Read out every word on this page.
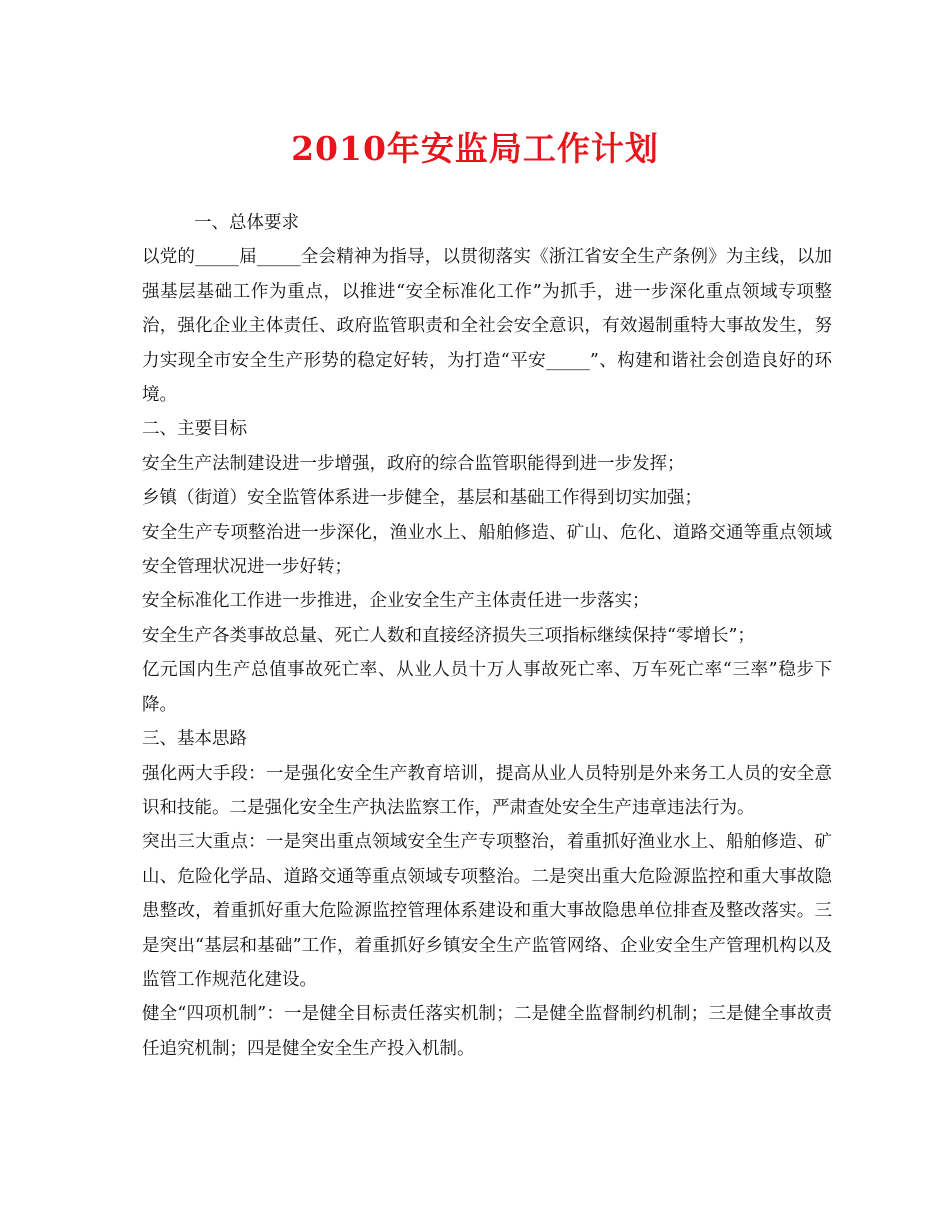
2010年安监局工作计划

一、总体要求

以党的_____届_____全会精神为指导，以贯彻落实《浙江省安全生产条例》为主线，以加强基层基础工作为重点，以推进“安全标准化工作”为抓手，进一步深化重点领域专项整治，强化企业主体责任、政府监管职责和全社会安全意识，有效遏制重特大事故发生，努力实现全市安全生产形势的稳定好转，为打造“平安_____”、构建和谐社会创造良好的环境。

二、主要目标

安全生产法制建设进一步增强，政府的综合监管职能得到进一步发挥；

乡镇（街道）安全监管体系进一步健全，基层和基础工作得到切实加强；

安全生产专项整治进一步深化，渔业水上、船舶修造、矿山、危化、道路交通等重点领域安全管理状况进一步好转；

安全标准化工作进一步推进，企业安全生产主体责任进一步落实；

安全生产各类事故总量、死亡人数和直接经济损失三项指标继续保持“零增长”；

亿元国内生产总值事故死亡率、从业人员十万人事故死亡率、万车死亡率“三率”稳步下降。

三、基本思路

强化两大手段：一是强化安全生产教育培训，提高从业人员特别是外来务工人员的安全意识和技能。二是强化安全生产执法监察工作，严肃查处安全生产违章违法行为。

突出三大重点：一是突出重点领域安全生产专项整治，着重抓好渔业水上、船舶修造、矿山、危险化学品、道路交通等重点领域专项整治。二是突出重大危险源监控和重大事故隐患整改，着重抓好重大危险源监控管理体系建设和重大事故隐患单位排查及整改落实。三是突出“基层和基础”工作，着重抓好乡镇安全生产监管网络、企业安全生产管理机构以及监管工作规范化建设。

健全“四项机制”：一是健全目标责任落实机制；二是健全监督制约机制；三是健全事故责任追究机制；四是健全安全生产投入机制。
